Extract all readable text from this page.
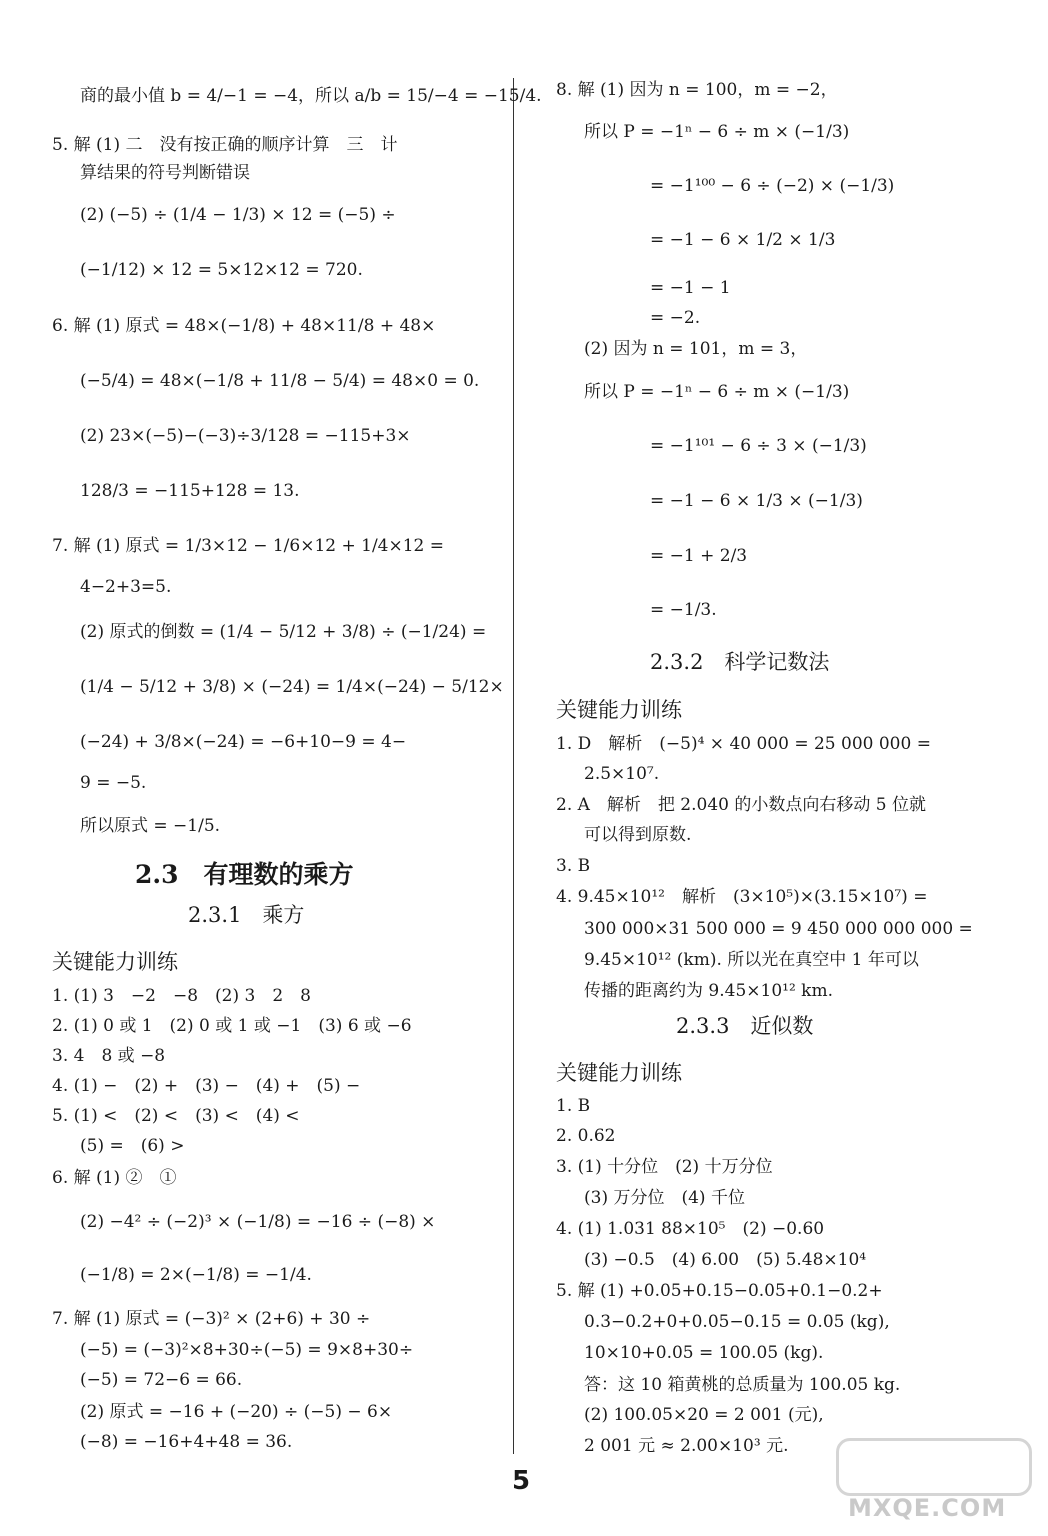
商的最小值 b = 4/−1 = −4，所以 a/b = 15/−4 = −15/4.
5. 解 (1) 二　没有按正确的顺序计算　三　计
算结果的符号判断错误
(2) (−5) ÷ (1/4 − 1/3) × 12 = (−5) ÷
(−1/12) × 12 = 5×12×12 = 720.
6. 解 (1) 原式 = 48×(−1/8) + 48×11/8 + 48×
(−5/4) = 48×(−1/8 + 11/8 − 5/4) = 48×0 = 0.
(2) 23×(−5)−(−3)÷3/128 = −115+3×
128/3 = −115+128 = 13.
7. 解 (1) 原式 = 1/3×12 − 1/6×12 + 1/4×12 =
4−2+3=5.
(2) 原式的倒数 = (1/4 − 5/12 + 3/8) ÷ (−1/24) =
(1/4 − 5/12 + 3/8) × (−24) = 1/4×(−24) − 5/12×
(−24) + 3/8×(−24) = −6+10−9 = 4−
9 = −5.
所以原式 = −1/5.
2.3　有理数的乘方
2.3.1　乘方
关键能力训练
1. (1) 3　−2　−8　(2) 3　2　8
2. (1) 0 或 1　(2) 0 或 1 或 −1　(3) 6 或 −6
3. 4　8 或 −8
4. (1) −　(2) +　(3) −　(4) +　(5) −
5. (1) <　(2) <　(3) <　(4) <
(5) =　(6) >
6. 解 (1) ②　①
(2) −4² ÷ (−2)³ × (−1/8) = −16 ÷ (−8) ×
(−1/8) = 2×(−1/8) = −1/4.
7. 解 (1) 原式 = (−3)² × (2+6) + 30 ÷
(−5) = (−3)²×8+30÷(−5) = 9×8+30÷
(−5) = 72−6 = 66.
(2) 原式 = −16 + (−20) ÷ (−5) − 6×
(−8) = −16+4+48 = 36.
8. 解 (1) 因为 n = 100，m = −2，
所以 P = −1ⁿ − 6 ÷ m × (−1/3)
= −1¹⁰⁰ − 6 ÷ (−2) × (−1/3)
= −1 − 6 × 1/2 × 1/3
= −1 − 1
= −2.
(2) 因为 n = 101，m = 3，
所以 P = −1ⁿ − 6 ÷ m × (−1/3)
= −1¹⁰¹ − 6 ÷ 3 × (−1/3)
= −1 − 6 × 1/3 × (−1/3)
= −1 + 2/3
= −1/3.
2.3.2　科学记数法
关键能力训练
1. D　解析　(−5)⁴ × 40 000 = 25 000 000 =
2.5×10⁷.
2. A　解析　把 2.040 的小数点向右移动 5 位就
可以得到原数.
3. B
4. 9.45×10¹²　解析　(3×10⁵)×(3.15×10⁷) =
300 000×31 500 000 = 9 450 000 000 000 =
9.45×10¹² (km). 所以光在真空中 1 年可以
传播的距离约为 9.45×10¹² km.
2.3.3　近似数
关键能力训练
1. B
2. 0.62
3. (1) 十分位　(2) 十万分位
(3) 万分位　(4) 千位
4. (1) 1.031 88×10⁵　(2) −0.60
(3) −0.5　(4) 6.00　(5) 5.48×10⁴
5. 解 (1) +0.05+0.15−0.05+0.1−0.2+
0.3−0.2+0+0.05−0.15 = 0.05 (kg),
10×10+0.05 = 100.05 (kg).
答：这 10 箱黄桃的总质量为 100.05 kg.
(2) 100.05×20 = 2 001 (元),
2 001 元 ≈ 2.00×10³ 元.
5
MXQE.COM
